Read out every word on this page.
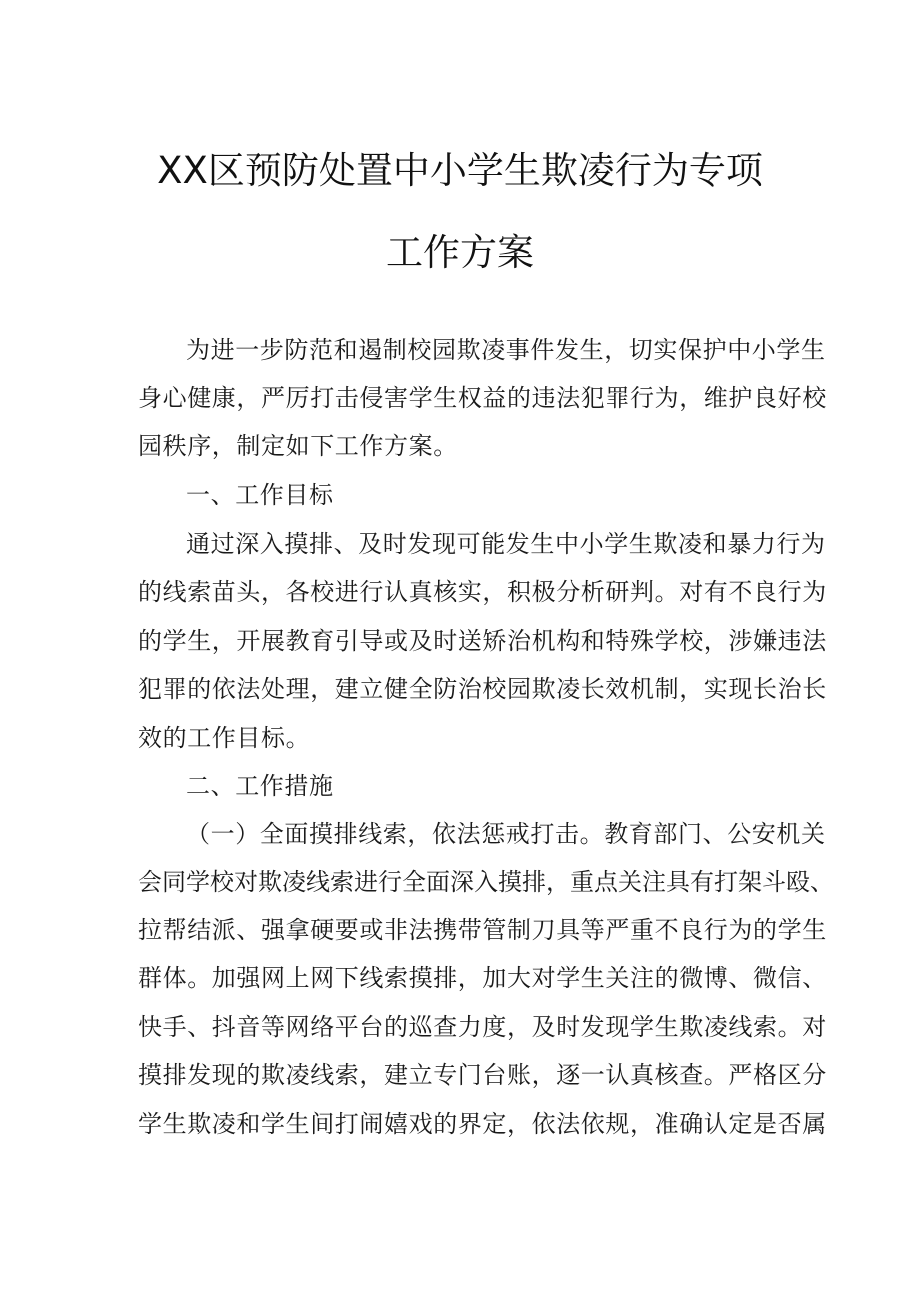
XX区预防处置中小学生欺凌行为专项
工作方案
为进一步防范和遏制校园欺凌事件发生，切实保护中小学生
身心健康，严厉打击侵害学生权益的违法犯罪行为，维护良好校
园秩序，制定如下工作方案。
一、工作目标
通过深入摸排、及时发现可能发生中小学生欺凌和暴力行为
的线索苗头，各校进行认真核实，积极分析研判。对有不良行为
的学生，开展教育引导或及时送矫治机构和特殊学校，涉嫌违法
犯罪的依法处理，建立健全防治校园欺凌长效机制，实现长治长
效的工作目标。
二、工作措施
（一）全面摸排线索，依法惩戒打击。教育部门、公安机关
会同学校对欺凌线索进行全面深入摸排，重点关注具有打架斗殴、
拉帮结派、强拿硬要或非法携带管制刀具等严重不良行为的学生
群体。加强网上网下线索摸排，加大对学生关注的微博、微信、
快手、抖音等网络平台的巡查力度，及时发现学生欺凌线索。对
摸排发现的欺凌线索，建立专门台账，逐一认真核查。严格区分
学生欺凌和学生间打闹嬉戏的界定，依法依规，准确认定是否属
